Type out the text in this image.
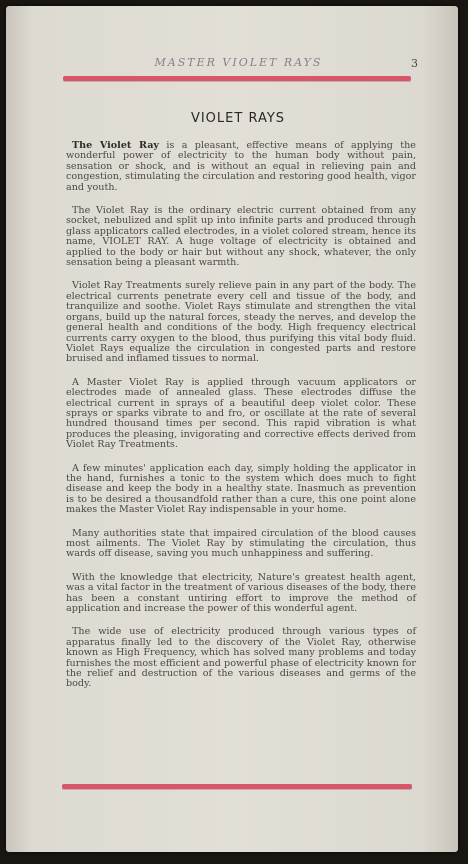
MASTER VIOLET RAYS	3
VIOLET RAYS

The Violet Ray is a pleasant, effective means of applying the wonderful power of electricity to the human body without pain, sensation or shock, and is without an equal in relieving pain and congestion, stimulating the circulation and restoring good health, vigor and youth.

The Violet Ray is the ordinary electric current obtained from any socket, nebulized and split up into infinite parts and produced through glass applicators called electrodes, in a violet colored stream, hence its name, VIOLET RAY. A huge voltage of electricity is obtained and applied to the body or hair but without any shock, whatever, the only sensation being a pleasant warmth.

Violet Ray Treatments surely relieve pain in any part of the body. The electrical currents penetrate every cell and tissue of the body, and tranquilize and soothe. Violet Rays stimulate and strengthen the vital organs, build up the natural forces, steady the nerves, and develop the general health and conditions of the body. High frequency electrical currents carry oxygen to the blood, thus purifying this vital body fluid. Violet Rays equalize the circulation in congested parts and restore bruised and inflamed tissues to normal.

A Master Violet Ray is applied through vacuum applicators or electrodes made of annealed glass. These electrodes diffuse the electrical current in sprays of a beautiful deep violet color. These sprays or sparks vibrate to and fro, or oscillate at the rate of several hundred thousand times per second. This rapid vibration is what produces the pleasing, invigorating and corrective effects derived from Violet Ray Treatments.

A few minutes' application each day, simply holding the applicator in the hand, furnishes a tonic to the system which does much to fight disease and keep the body in a healthy state. Inasmuch as prevention is to be desired a thousandfold rather than a cure, this one point alone makes the Master Violet Ray indispensable in your home.

Many authorities state that impaired circulation of the blood causes most ailments. The Violet Ray by stimulating the circulation, thus wards off disease, saving you much unhappiness and suffering.

With the knowledge that electricity, Nature's greatest health agent, was a vital factor in the treatment of various diseases of the body, there has been a constant untiring effort to improve the method of application and increase the power of this wonderful agent.

The wide use of electricity produced through various types of apparatus finally led to the discovery of the Violet Ray, otherwise known as High Frequency, which has solved many problems and today furnishes the most efficient and powerful phase of electricity known for the relief and destruction of the various diseases and germs of the body.
